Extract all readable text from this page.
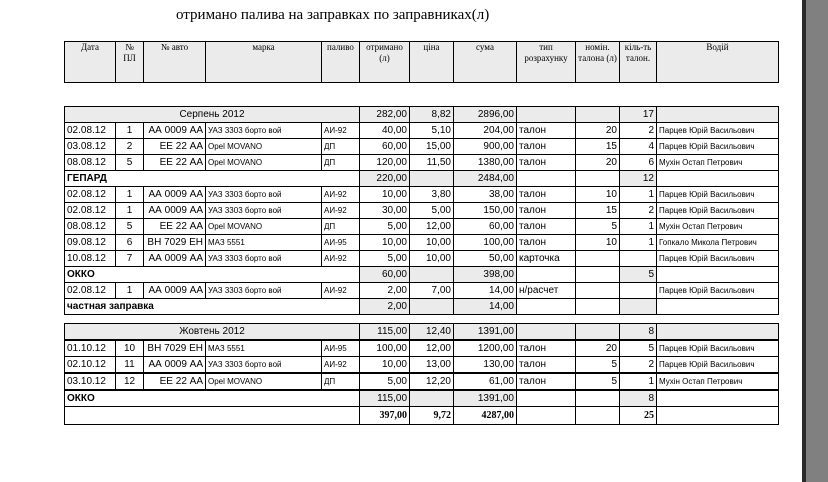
отримано палива на заправках по заправниках(л)
Дата	№ ПЛ	№ авто	марка	паливо	отримано (л)	ціна	сума	тип розрахунку	номін. талона (л)	кіль-ть талон.	Водій
Серпень 2012					282,00	8,82	2896,00			17	
02.08.12	1	АА 0009 АА	УАЗ 3303 борто вой	АИ-92	40,00	5,10	204,00	талон	20	2	Парцев Юрій Васильович
03.08.12	2	ЕЕ 22 АА	Opel MOVANO	ДП	60,00	15,00	900,00	талон	15	4	Парцев Юрій Васильович
08.08.12	5	ЕЕ 22 АА	Opel MOVANO	ДП	120,00	11,50	1380,00	талон	20	6	Мухін Остап Петрович
ГЕПАРД					220,00		2484,00			12	
02.08.12	1	АА 0009 АА	УАЗ 3303 борто вой	АИ-92	10,00	3,80	38,00	талон	10	1	Парцев Юрій Васильович
02.08.12	1	АА 0009 АА	УАЗ 3303 борто вой	АИ-92	30,00	5,00	150,00	талон	15	2	Парцев Юрій Васильович
08.08.12	5	ЕЕ 22 АА	Opel MOVANO	ДП	5,00	12,00	60,00	талон	5	1	Мухін Остап Петрович
09.08.12	6	ВН 7029 ЕН	МАЗ 5551	АИ-95	10,00	10,00	100,00	талон	10	1	Гопкало Микола Петрович
10.08.12	7	АА 0009 АА	УАЗ 3303 борто вой	АИ-92	5,00	10,00	50,00	карточка			Парцев Юрій Васильович
ОККО					60,00		398,00			5	
02.08.12	1	АА 0009 АА	УАЗ 3303 борто вой	АИ-92	2,00	7,00	14,00	н/расчет			Парцев Юрій Васильович
частная заправка					2,00		14,00				
Жовтень 2012					115,00	12,40	1391,00			8	
01.10.12	10	ВН 7029 ЕН	МАЗ 5551	АИ-95	100,00	12,00	1200,00	талон	20	5	Парцев Юрій Васильович
02.10.12	11	АА 0009 АА	УАЗ 3303 борто вой	АИ-92	10,00	13,00	130,00	талон	5	2	Парцев Юрій Васильович
03.10.12	12	ЕЕ 22 АА	Opel MOVANO	ДП	5,00	12,20	61,00	талон	5	1	Мухін Остап Петрович
ОККО					115,00		1391,00			8	
					397,00	9,72	4287,00			25	
